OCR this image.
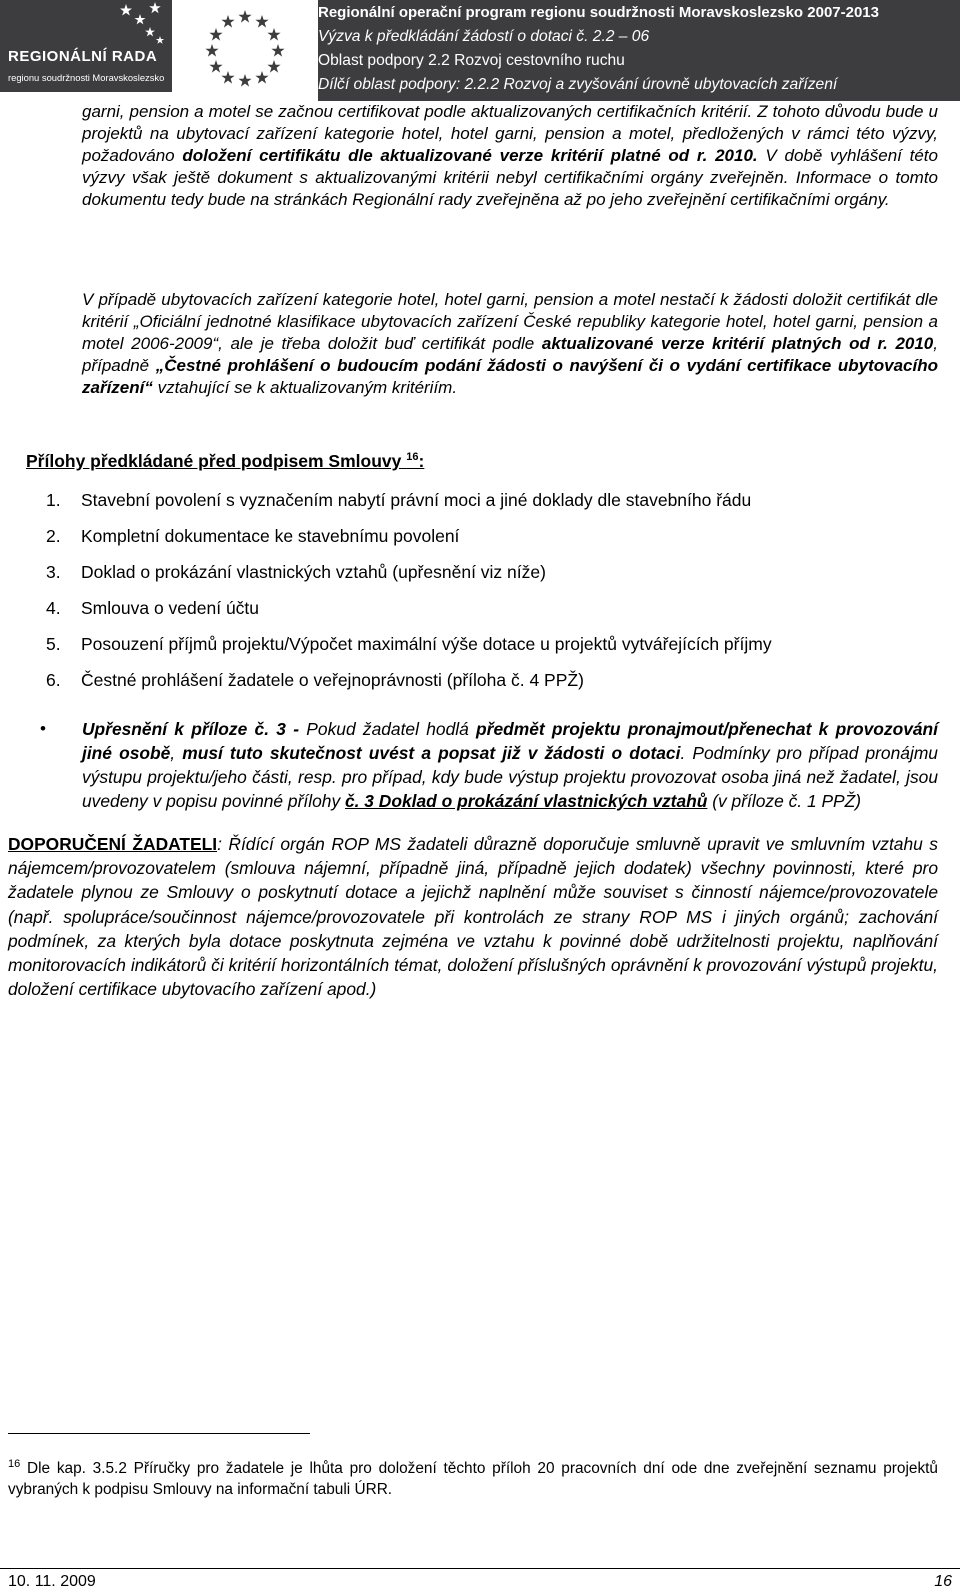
REGIONÁLNÍ RADA
regionu soudržnosti Moravskoslezsko
Regionální operační program regionu soudržnosti Moravskoslezsko 2007-2013
Výzva k předkládání žádostí o dotaci č. 2.2 – 06
Oblast podpory 2.2 Rozvoj cestovního ruchu
Dílčí oblast podpory: 2.2.2 Rozvoj a zvyšování úrovně ubytovacích zařízení
garni, pension a motel se začnou certifikovat podle aktualizovaných certifikačních kritérií. Z tohoto důvodu bude u projektů na ubytovací zařízení kategorie hotel, hotel garni, pension a motel, předložených v rámci této výzvy, požadováno doložení certifikátu dle aktualizované verze kritérií platné od r. 2010. V době vyhlášení této výzvy však ještě dokument s aktualizovanými kritérii nebyl certifikačními orgány zveřejněn. Informace o tomto dokumentu tedy bude na stránkách Regionální rady zveřejněna až po jeho zveřejnění certifikačními orgány.
V případě ubytovacích zařízení kategorie hotel, hotel garni, pension a motel nestačí k žádosti doložit certifikát dle kritérií „Oficiální jednotné klasifikace ubytovacích zařízení České republiky kategorie hotel, hotel garni, pension a motel 2006-2009“, ale je třeba doložit buď certifikát podle aktualizované verze kritérií platných od r. 2010, případně „Čestné prohlášení o budoucím podání žádosti o navýšení či o vydání certifikace ubytovacího zařízení“ vztahující se k aktualizovaným kritériím.
Přílohy předkládané před podpisem Smlouvy $^{16}$:
1.	Stavební povolení s vyznačením nabytí právní moci a jiné doklady dle stavebního řádu
2.	Kompletní dokumentace ke stavebnímu povolení
3.	Doklad o prokázání vlastnických vztahů (upřesnění viz níže)
4.	Smlouva o vedení účtu
5.	Posouzení příjmů projektu/Výpočet maximální výše dotace u projektů vytvářejících příjmy
6.	Čestné prohlášení žadatele o veřejnoprávnosti (příloha č. 4 PPŽ)
•	Upřesnění k příloze č. 3 - Pokud žadatel hodlá předmět projektu pronajmout/přenechat k provozování jiné osobě, musí tuto skutečnost uvést a popsat již v žádosti o dotaci. Podmínky pro případ pronájmu výstupu projektu/jeho části, resp. pro případ, kdy bude výstup projektu provozovat osoba jiná než žadatel, jsou uvedeny v popisu povinné přílohy č. 3 Doklad o prokázání vlastnických vztahů (v příloze č. 1 PPŽ)
DOPORUČENÍ ŽADATELI: Řídící orgán ROP MS žadateli důrazně doporučuje smluvně upravit ve smluvním vztahu s nájemcem/provozovatelem (smlouva nájemní, případně jiná, případně jejich dodatek) všechny povinnosti, které pro žadatele plynou ze Smlouvy o poskytnutí dotace a jejichž naplnění může souviset s činností nájemce/provozovatele (např. spolupráce/součinnost nájemce/provozovatele při kontrolách ze strany ROP MS i jiných orgánů; zachování podmínek, za kterých byla dotace poskytnuta zejména ve vztahu k povinné době udržitelnosti projektu, naplňování monitorovacích indikátorů či kritérií horizontálních témat, doložení příslušných oprávnění k provozování výstupů projektu, doložení certifikace ubytovacího zařízení apod.)
$^{16}$ Dle kap. 3.5.2 Příručky pro žadatele je lhůta pro doložení těchto příloh 20 pracovních dní ode dne zveřejnění seznamu projektů vybraných k podpisu Smlouvy na informační tabuli ÚRR.
10. 11. 2009	16
